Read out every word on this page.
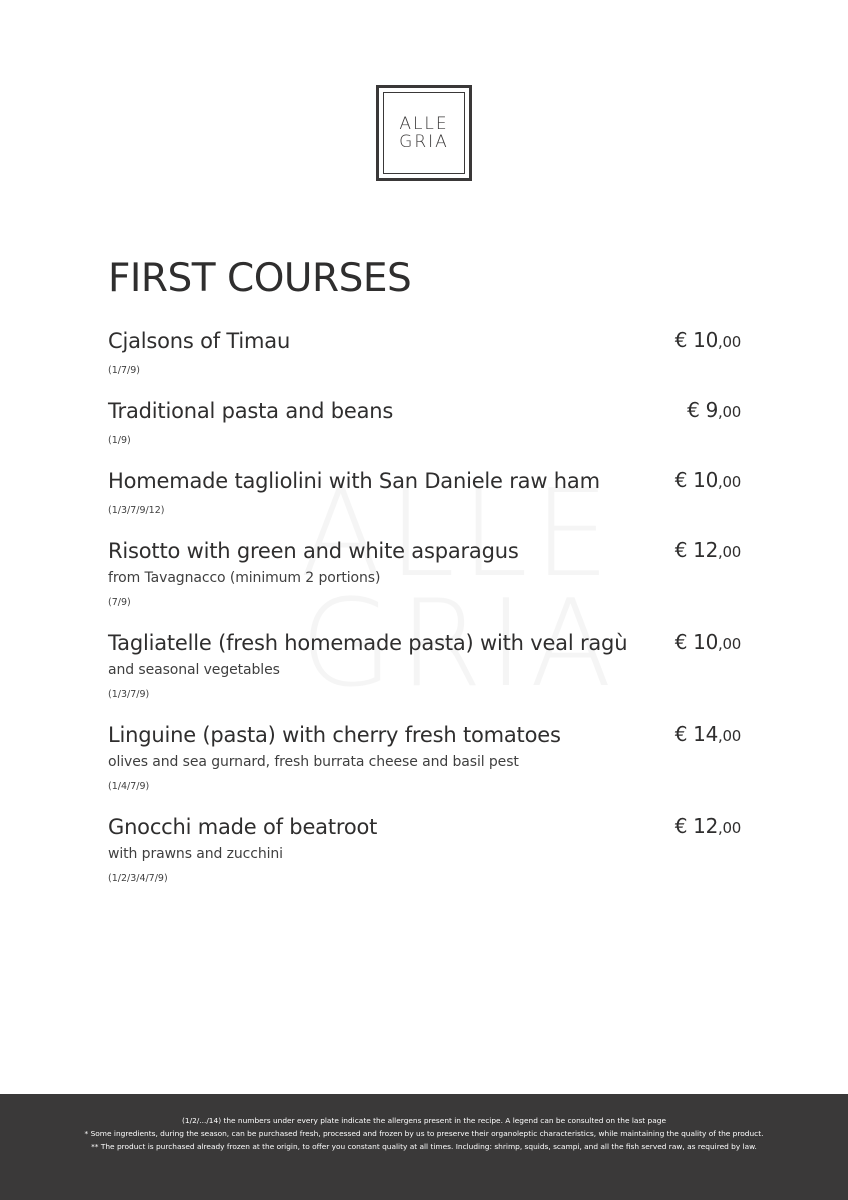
ALLE
GRIA
FIRST COURSES
Cjalsons of Timau
(1/7/9)
€ 10,00
Traditional pasta and beans
(1/9)
€ 9,00
Homemade tagliolini with San Daniele raw ham
(1/3/7/9/12)
€ 10,00
Risotto with green and white asparagus
from Tavagnacco (minimum 2 portions)
(7/9)
€ 12,00
Tagliatelle (fresh homemade pasta) with veal ragù
and seasonal vegetables
(1/3/7/9)
€ 10,00
Linguine (pasta) with cherry fresh tomatoes
olives and sea gurnard, fresh burrata cheese and basil pest
(1/4/7/9)
€ 14,00
Gnocchi made of beatroot
with prawns and zucchini
(1/2/3/4/7/9)
€ 12,00
(1/2/.../14) the numbers under every plate indicate the allergens present in the recipe. A legend can be consulted on the last page
* Some ingredients, during the season, can be purchased fresh, processed and frozen by us to preserve their organoleptic characteristics, while maintaining the quality of the product.
** The product is purchased already frozen at the origin, to offer you constant quality at all times. Including: shrimp, squids, scampi, and all the fish served raw, as required by law.
